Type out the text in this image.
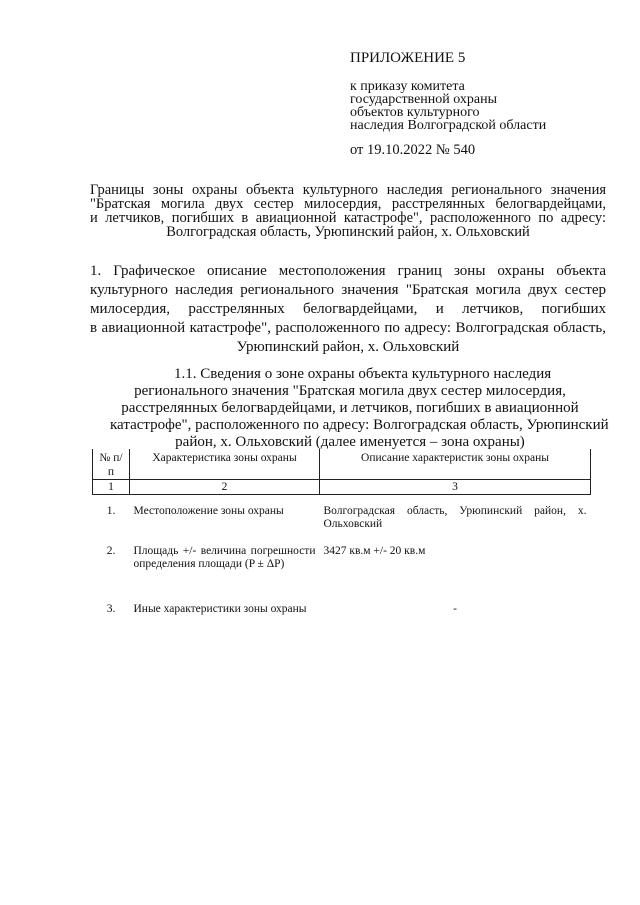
ПРИЛОЖЕНИЕ 5
к приказу комитета
государственной охраны
объектов культурного
наследия Волгоградской области
от 19.10.2022 № 540
Границы зоны охраны объекта культурного наследия регионального значения
"Братская могила двух сестер милосердия, расстрелянных белогвардейцами,
и летчиков, погибших в авиационной катастрофе", расположенного по адресу:
Волгоградская область, Урюпинский район, х. Ольховский
1. Графическое описание местоположения границ зоны охраны объекта
культурного наследия регионального значения "Братская могила двух сестер
милосердия, расстрелянных белогвардейцами, и летчиков, погибших
в авиационной катастрофе", расположенного по адресу: Волгоградская область,
Урюпинский район, х. Ольховский
1.1. Сведения о зоне охраны объекта культурного наследия
регионального значения "Братская могила двух сестер милосердия,
расстрелянных белогвардейцами, и летчиков, погибших в авиационной
катастрофе", расположенного по адресу: Волгоградская область, Урюпинский
район, х. Ольховский (далее именуется – зона охраны)
№ п/п	Характеристика зоны охраны	Описание характеристик зоны охраны
1	2	3
1.	Местоположение зоны охраны	Волгоградская область, Урюпинский район, х. Ольховский
2.	Площадь +/- величина погрешности определения площади (P ± ΔP)	3427 кв.м +/- 20 кв.м
3.	Иные характеристики зоны охраны	-
